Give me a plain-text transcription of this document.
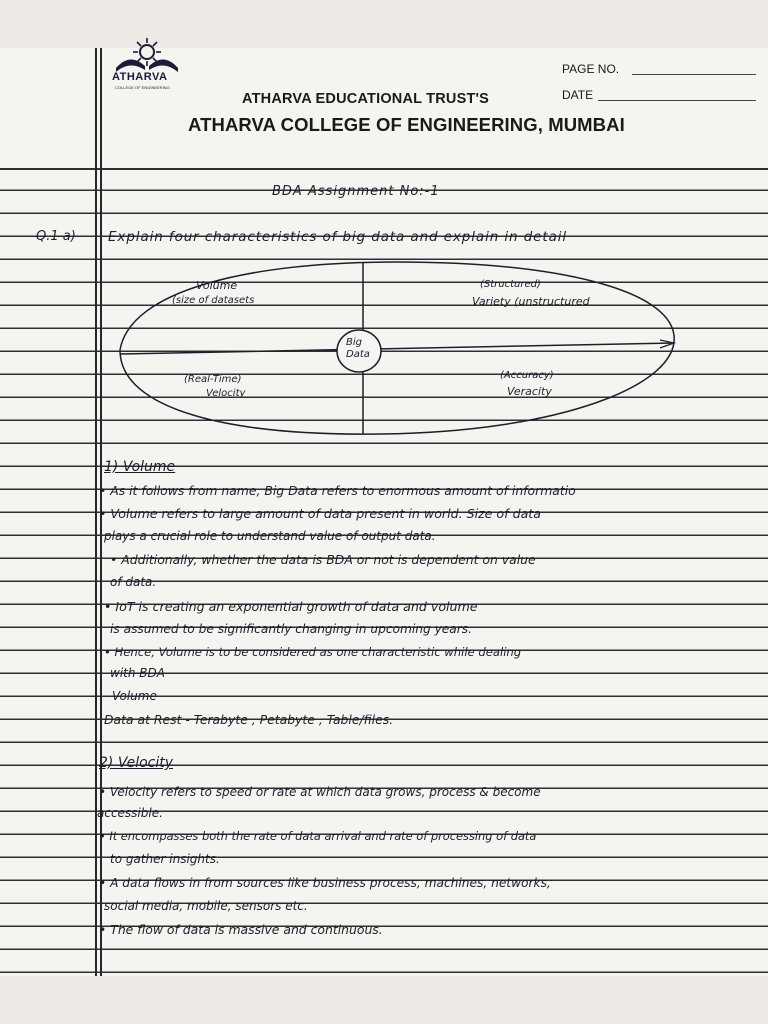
ATHARVA
COLLEGE OF ENGINEERING
ATHARVA EDUCATIONAL TRUST'S
ATHARVA COLLEGE OF ENGINEERING, MUMBAI
PAGE NO.
DATE
BDA Assignment No:-1
Q.1 a) Explain four characteristics of big data and explain in detail
Big
Data
Volume
(size of datasets
(Structured)
Variety (unstructured
(Real-Time)
Velocity
(Accuracy)
Veracity
1) Volume
• As it follows from name, Big Data refers to enormous amount of informatio
• Volume refers to large amount of data present in world. Size of data
plays a crucial role to understand value of output data.
• Additionally, whether the data is BDA or not is dependent on value
of data.
• IoT is creating an exponential growth of data and volume
is assumed to be significantly changing in upcoming years.
• Hence, Volume is to be considered as one characteristic while dealing
with BDA
Volume
Data at Rest - Terabyte , Petabyte , Table/files.
2) Velocity
• Velocity refers to speed or rate at which data grows, process & become
accessible.
• It encompasses both the rate of data arrival and rate of processing of data
to gather insights.
• A data flows in from sources like business process, machines, networks,
social media, mobile, sensors etc.
• The flow of data is massive and continuous.
